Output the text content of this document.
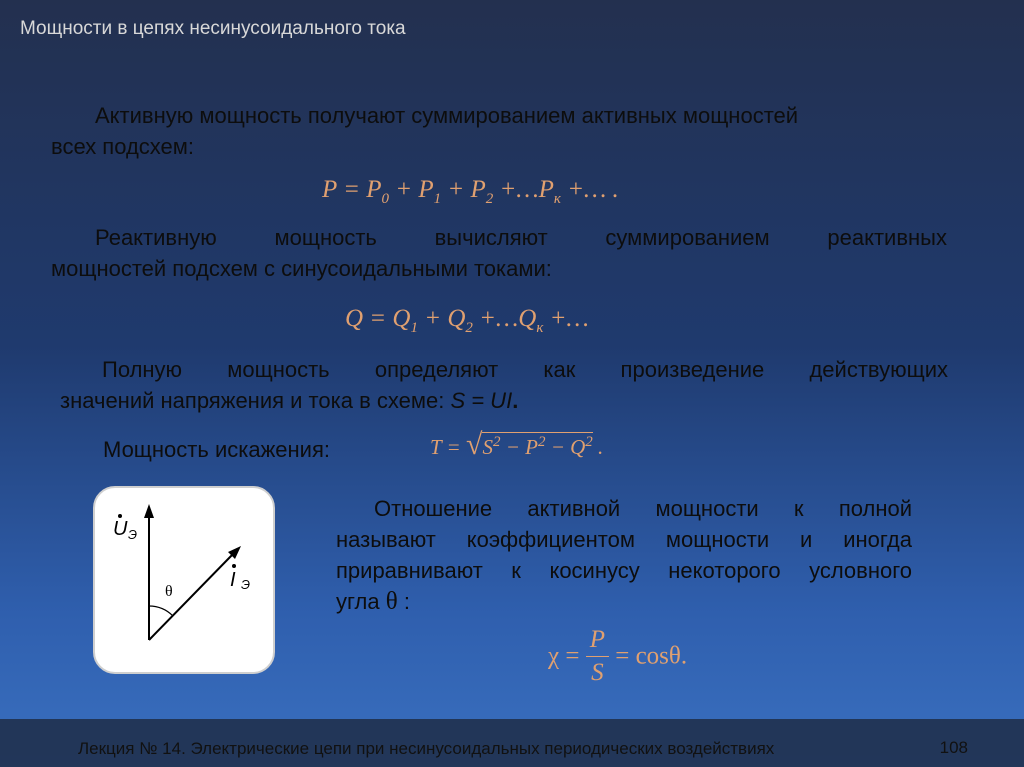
Мощности в цепях несинусоидального тока
Активную мощность получают суммированием активных мощностей
всех подсхем:
$P = P_0 + P_1 + P_2$ $+\dots P_к$ +… .
Реактивную мощность вычисляют суммированием реактивных
мощностей подсхем с синусоидальными токами:
$Q = Q_1 + Q_2$ $+\dots Q_к$ +…
Полную мощность определяют как произведение действующих
значений напряжения и тока в схеме: S = UI.
Мощность искажения:	$T = √S^2 - P^2 - Q^2$ .
U Э
I Э
θ
Отношение активной мощности к полной
называют коэффициентом мощности и иногда
приравнивают к косинусу некоторого условного
угла θ :
$\chi = \frac{P}{S} = \cos\theta$.
Лекция № 14. Электрические цепи при несинусоидальных периодических воздействиях	108
